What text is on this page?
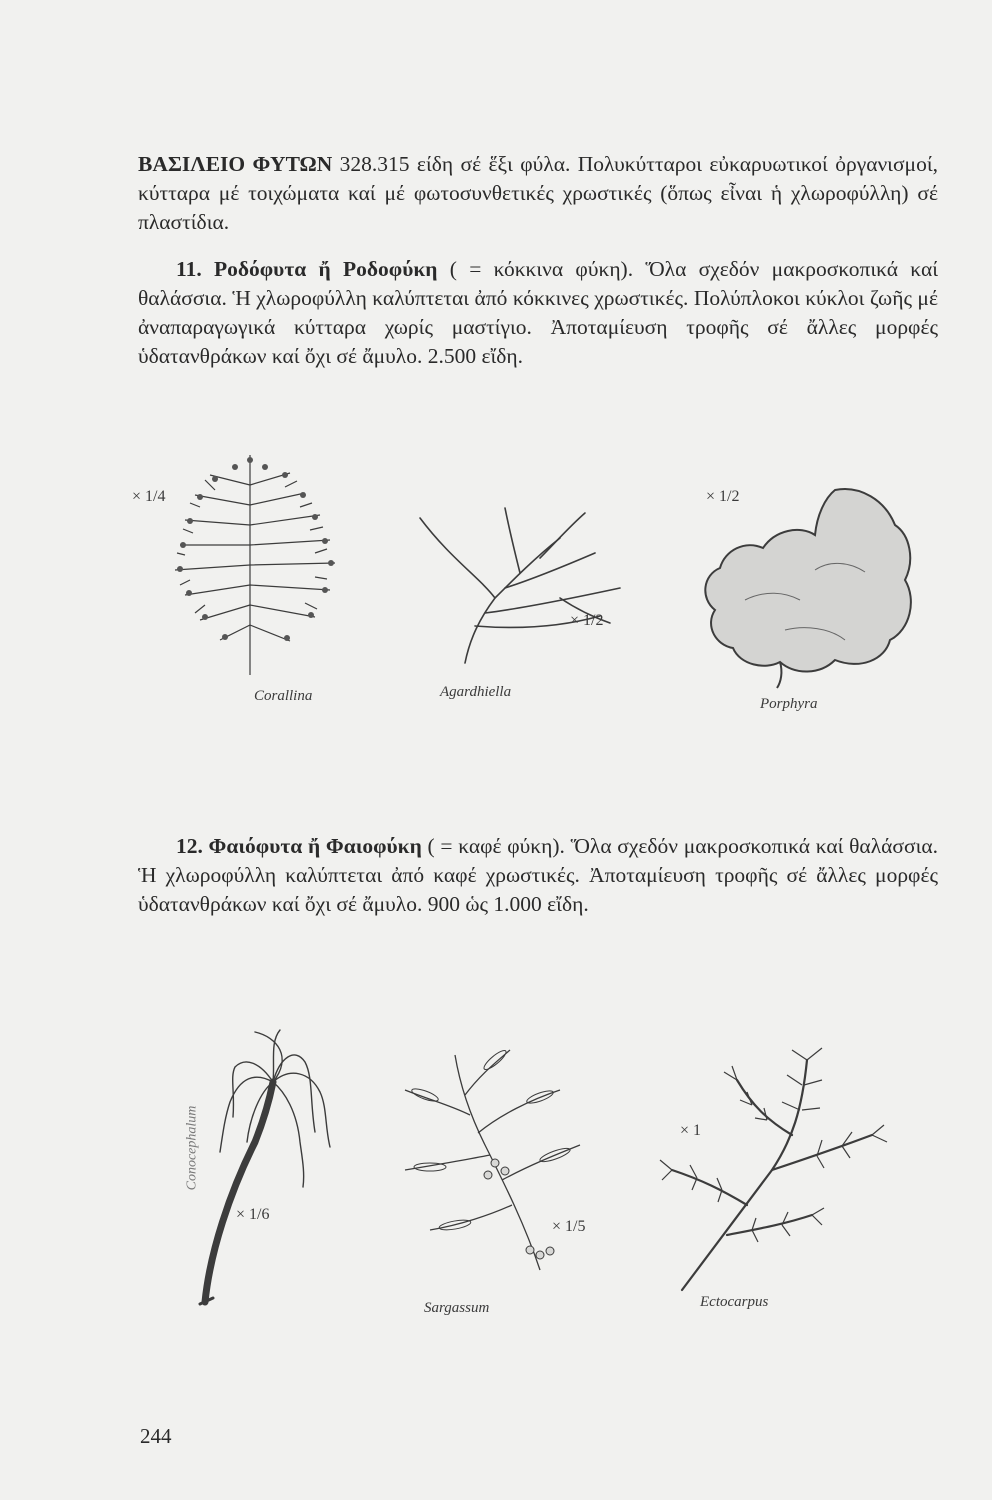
ΒΑΣΙΛΕΙΟ ΦΥΤΩΝ 328.315 είδη σέ ἕξι φύλα. Πολυκύτταροι εὐκαρυωτικοί ὀργανισμοί, κύτταρα μέ τοιχώματα καί μέ φωτοσυνθετικές χρωστικές (ὅπως εἶναι ἡ χλωροφύλλη) σέ πλαστίδια.
11. Ροδόφυτα ἤ Ροδοφύκη ( = κόκκινα φύκη). Ὅλα σχεδόν μακροσκοπικά καί θαλάσσια. Ἡ χλωροφύλλη καλύπτεται ἀπό κόκκινες χρωστικές. Πολύπλοκοι κύκλοι ζωῆς μέ ἀναπαραγωγικά κύτταρα χωρίς μαστίγιο. Ἀποταμίευση τροφῆς σέ ἄλλες μορφές ὑδατανθράκων καί ὄχι σέ ἄμυλο. 2.500 εἴδη.
× 1/4
Corallina
× 1/2
Agardhiella
× 1/2
Porphyra
12. Φαιόφυτα ἤ Φαιοφύκη ( = καφέ φύκη). Ὅλα σχεδόν μακροσκοπικά καί θαλάσσια. Ἡ χλωροφύλλη καλύπτεται ἀπό καφέ χρωστικές. Ἀποταμίευση τροφῆς σέ ἄλλες μορφές ὑδατανθράκων καί ὄχι σέ ἄμυλο. 900 ὡς 1.000 εἴδη.
Conocephalum
× 1/6
× 1/5
Sargassum
× 1
Ectocarpus
244
